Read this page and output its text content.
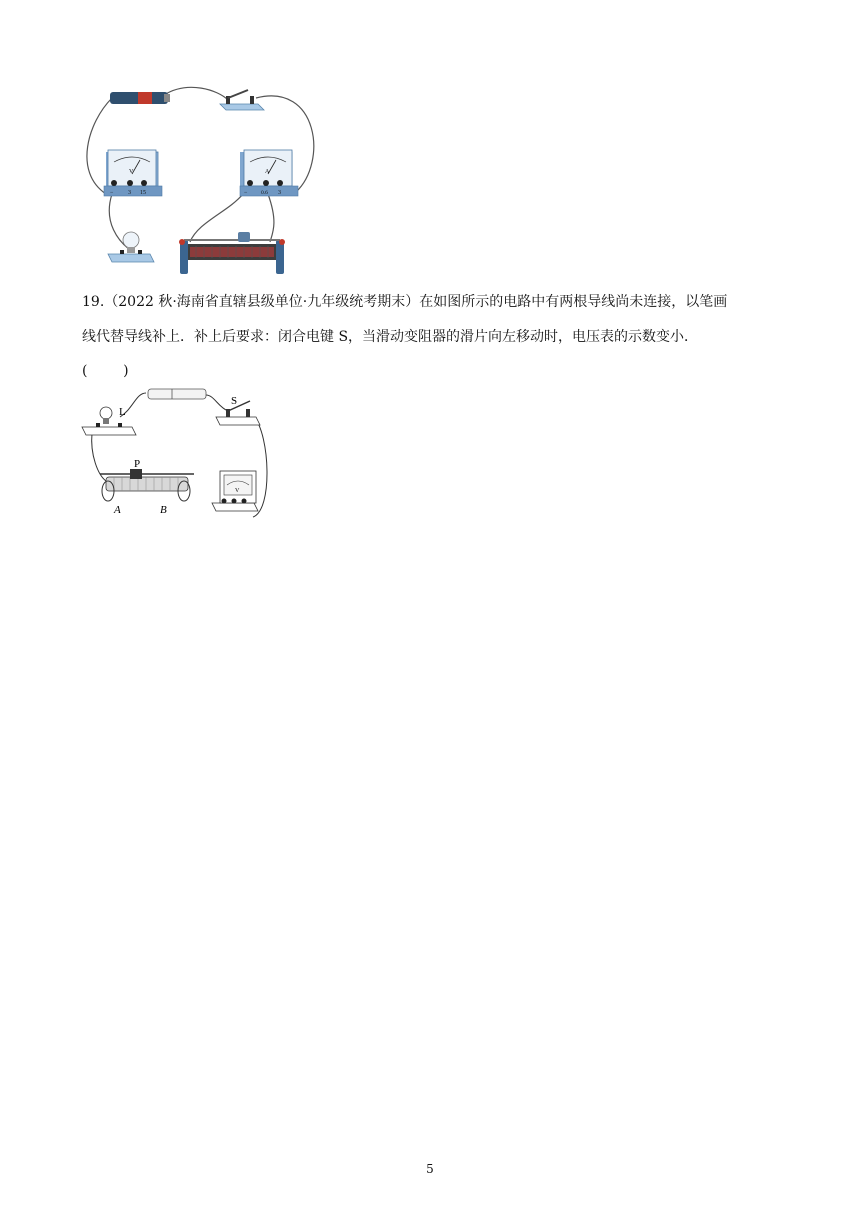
V
− 3 15
A
− 0.6 3
19.（2022 秋·海南省直辖县级单位·九年级统考期末）在如图所示的电路中有两根导线尚未连接，以笔画
线代替导线补上．补上后要求：闭合电键 S，当滑动变阻器的滑片向左移动时，电压表的示数变小．
(        )
L
S
P
A	B
V
5
